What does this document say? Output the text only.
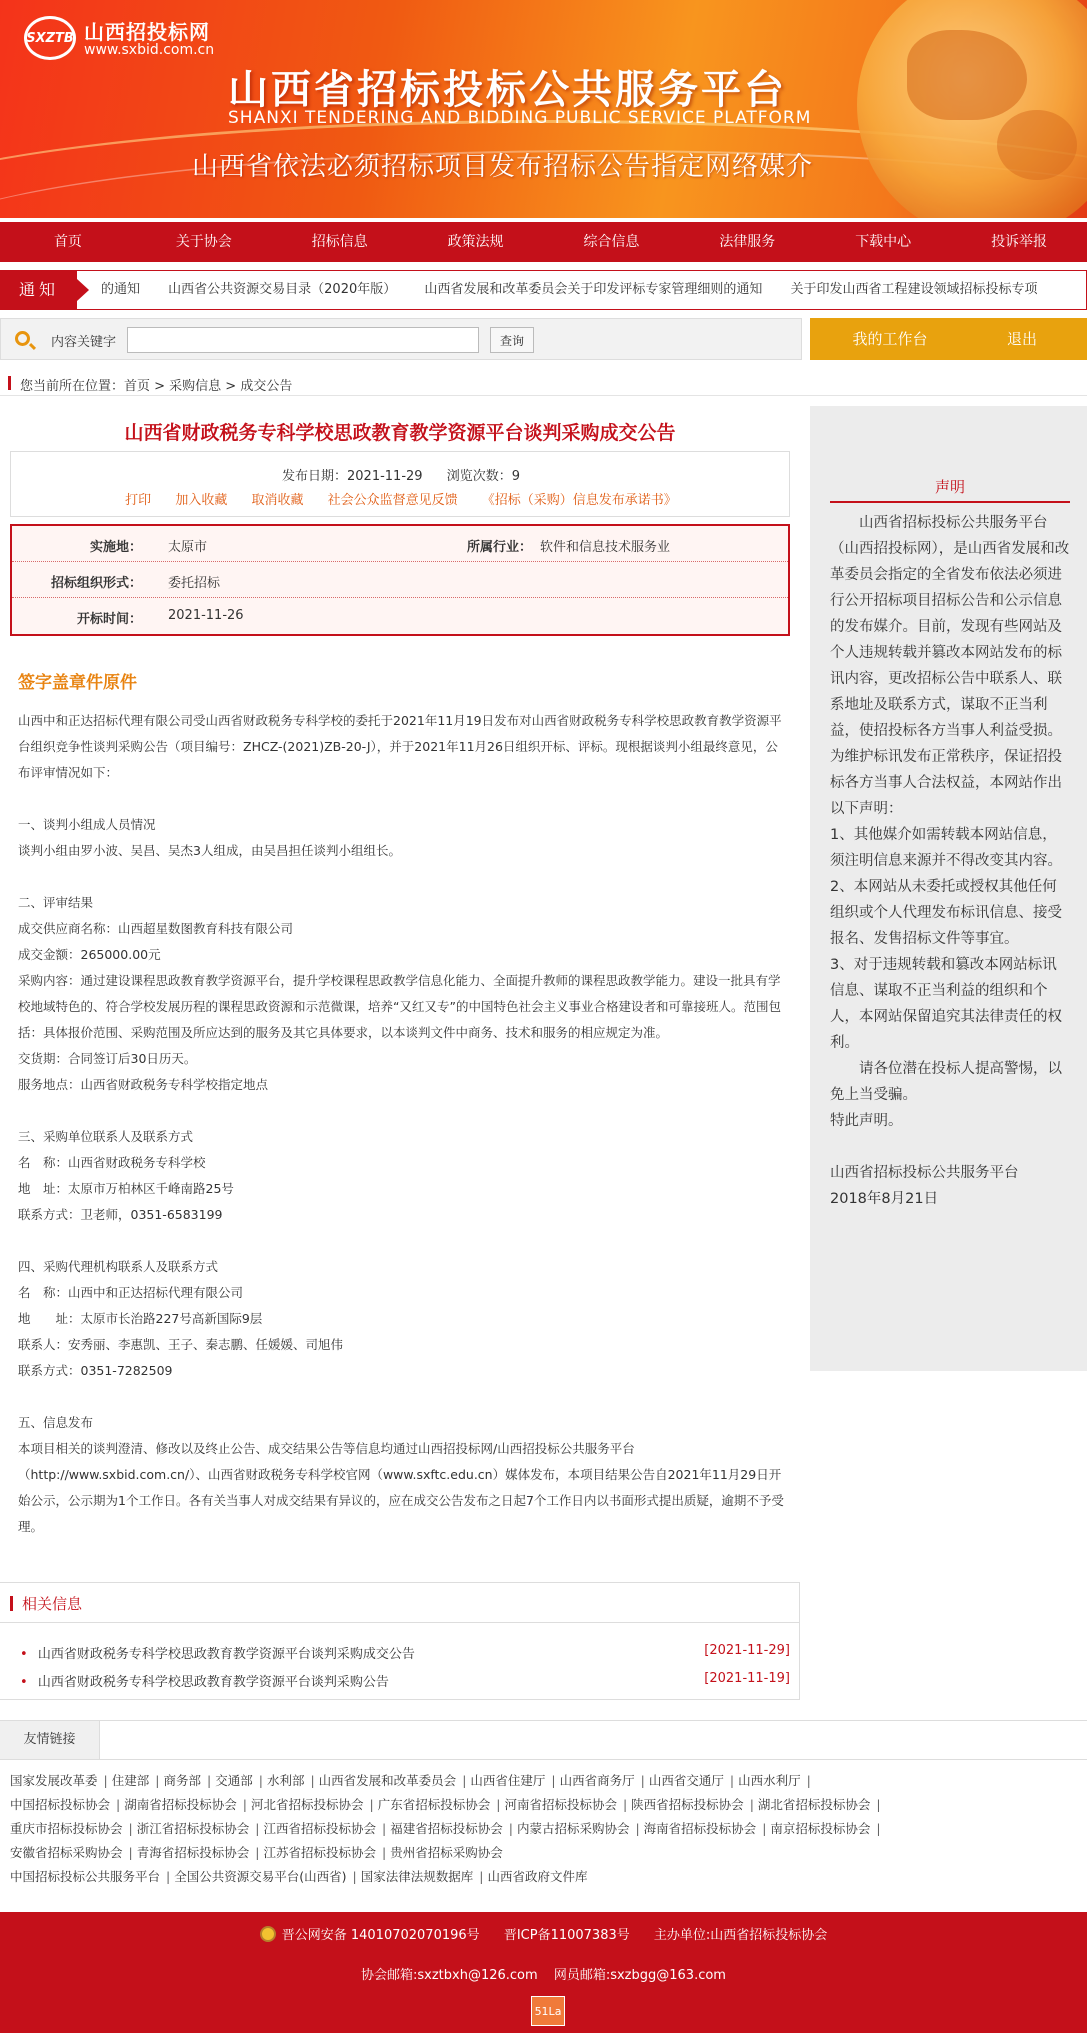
SXZTB 山西招投标网
www.sxbid.com.cn
山西省招标投标公共服务平台
SHANXI TENDERING AND BIDDING PUBLIC SERVICE PLATFORM
山西省依法必须招标项目发布招标公告指定网络媒介
首页	关于协会	招标信息	政策法规	综合信息	法律服务	下载中心	投诉举报
通知	的通知 山西省公共资源交易目录（2020年版） 山西省发展和改革委员会关于印发评标专家管理细则的通知 关于印发山西省工程建设领域招标投标专项
内容关键字	查询	我的工作台	退出
您当前所在位置：首页 > 采购信息 > 成交公告
山西省财政税务专科学校思政教育教学资源平台谈判采购成交公告
发布日期：2021-11-29 浏览次数：9
打印 加入收藏 取消收藏 社会公众监督意见反馈 《招标（采购）信息发布承诺书》
实施地： 太原市	所属行业： 软件和信息技术服务业
招标组织形式： 委托招标
开标时间： 2021-11-26
签字盖章件原件

山西中和正达招标代理有限公司受山西省财政税务专科学校的委托于2021年11月19日发布对山西省财政税务专科学校思政教育教学资源平台组织竞争性谈判采购公告（项目编号：ZHCZ-(2021)ZB-20-J），并于2021年11月26日组织开标、评标。现根据谈判小组最终意见，公布评审情况如下：

一、谈判小组成人员情况

谈判小组由罗小波、吴昌、吴杰3人组成，由吴昌担任谈判小组组长。

二、评审结果

成交供应商名称：山西超星数图教育科技有限公司

成交金额：265000.00元

采购内容：通过建设课程思政教育教学资源平台，提升学校课程思政教学信息化能力、全面提升教师的课程思政教学能力。建设一批具有学校地域特色的、符合学校发展历程的课程思政资源和示范微课，培养“又红又专”的中国特色社会主义事业合格建设者和可靠接班人。范围包括：具体报价范围、采购范围及所应达到的服务及其它具体要求，以本谈判文件中商务、技术和服务的相应规定为准。

交货期：合同签订后30日历天。

服务地点：山西省财政税务专科学校指定地点

三、采购单位联系人及联系方式

名　称：山西省财政税务专科学校

地　址：太原市万柏林区千峰南路25号

联系方式：卫老师，0351-6583199

四、采购代理机构联系人及联系方式

名　称：山西中和正达招标代理有限公司

地　　址：太原市长治路227号高新国际9层

联系人：安秀丽、李惠凯、王子、秦志鹏、任媛媛、司旭伟

联系方式：0351-7282509

五、信息发布

本项目相关的谈判澄清、修改以及终止公告、成交结果公告等信息均通过山西招投标网/山西招投标公共服务平台（http://www.sxbid.com.cn/）、山西省财政税务专科学校官网（www.sxftc.edu.cn）媒体发布，本项目结果公告自2021年11月29日开始公示，公示期为1个工作日。各有关当事人对成交结果有异议的，应在成交公告发布之日起7个工作日内以书面形式提出质疑，逾期不予受理。

相关信息
• 山西省财政税务专科学校思政教育教学资源平台谈判采购成交公告	[2021-11-29]
• 山西省财政税务专科学校思政教育教学资源平台谈判采购公告	[2021-11-19]
声明

山西省招标投标公共服务平台（山西招投标网），是山西省发展和改革委员会指定的全省发布依法必须进行公开招标项目招标公告和公示信息的发布媒介。目前，发现有些网站及个人违规转载并篡改本网站发布的标讯内容，更改招标公告中联系人、联系地址及联系方式，谋取不正当利益，使招投标各方当事人利益受损。为维护标讯发布正常秩序，保证招投标各方当事人合法权益，本网站作出以下声明：

1、其他媒介如需转载本网站信息，须注明信息来源并不得改变其内容。

2、本网站从未委托或授权其他任何组织或个人代理发布标讯信息、接受报名、发售招标文件等事宜。

3、对于违规转载和篡改本网站标讯信息、谋取不正当利益的组织和个人，本网站保留追究其法律责任的权利。

请各位潜在投标人提高警惕，以免上当受骗。

特此声明。

山西省招标投标公共服务平台

2018年8月21日

友情链接
国家发展改革委 | 住建部 | 商务部 | 交通部 | 水利部 | 山西省发展和改革委员会 | 山西省住建厅 | 山西省商务厅 | 山西省交通厅 | 山西水利厅 |
中国招标投标协会 | 湖南省招标投标协会 | 河北省招标投标协会 | 广东省招标投标协会 | 河南省招标投标协会 | 陕西省招标投标协会 | 湖北省招标投标协会 |
重庆市招标投标协会 | 浙江省招标投标协会 | 江西省招标投标协会 | 福建省招标投标协会 | 内蒙古招标采购协会 | 海南省招标投标协会 | 南京招标投标协会 |
安徽省招标采购协会 | 青海省招标投标协会 | 江苏省招标投标协会 | 贵州省招标采购协会
中国招标投标公共服务平台 | 全国公共资源交易平台(山西省) | 国家法律法规数据库 | 山西省政府文件库
晋公网安备 14010702070196号 晋ICP备11007383号 主办单位:山西省招标投标协会
协会邮箱:sxztbxh@126.com 网员邮箱:sxzbgg@163.com
51La
